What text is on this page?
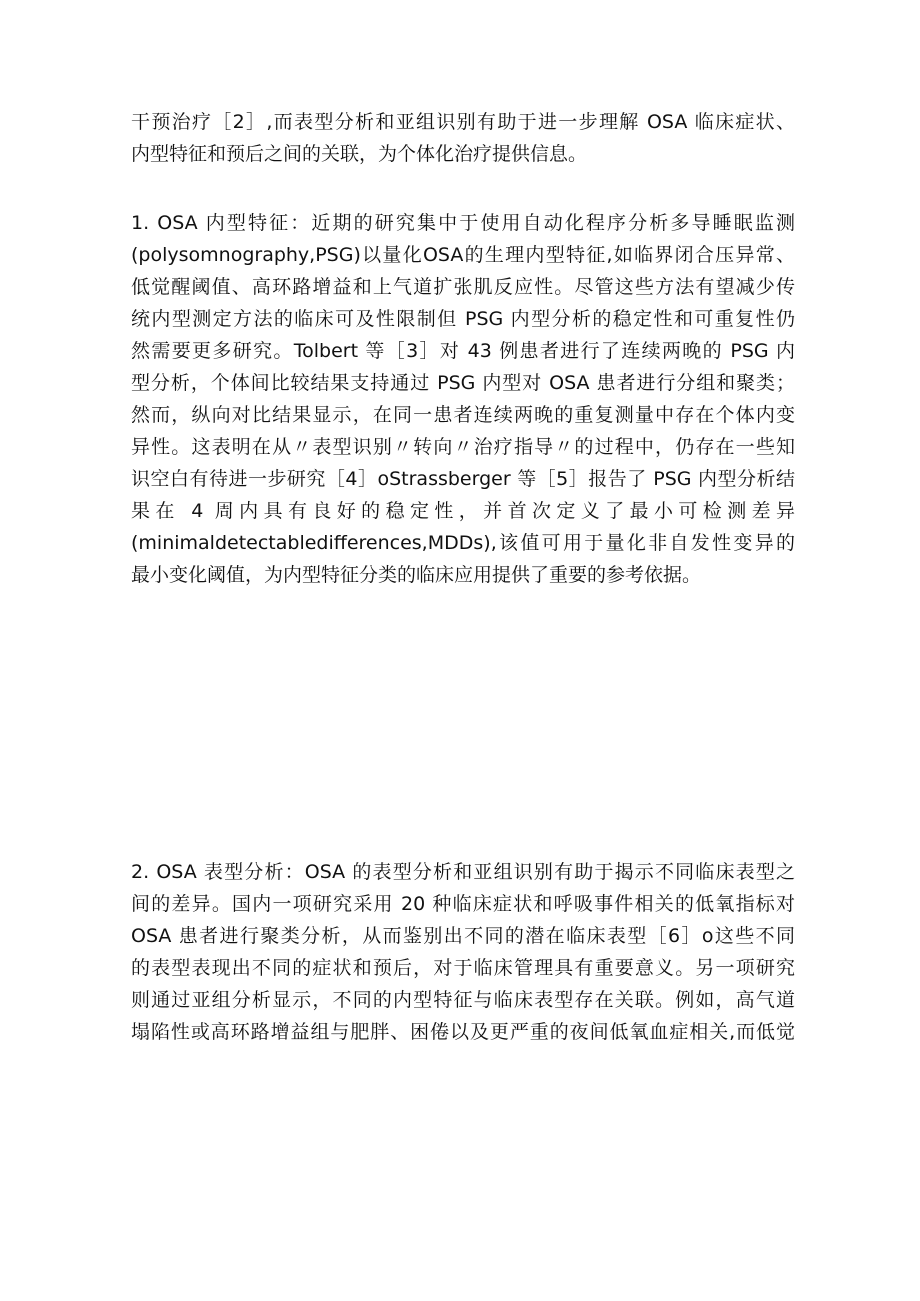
干预治疗［2］,而表型分析和亚组识别有助于进一步理解 OSA 临床症状、
内型特征和预后之间的关联，为个体化治疗提供信息。
1. OSA 内型特征：近期的研究集中于使用自动化程序分析多导睡眠监测
(polysomnography,PSG)以量化OSA的生理内型特征,如临界闭合压异常、
低觉醒阈值、高环路增益和上气道扩张肌反应性。尽管这些方法有望减少传
统内型测定方法的临床可及性限制但 PSG 内型分析的稳定性和可重复性仍
然需要更多研究。Tolbert 等［3］对 43 例患者进行了连续两晚的 PSG 内
型分析，个体间比较结果支持通过 PSG 内型对 OSA 患者进行分组和聚类；
然而，纵向对比结果显示，在同一患者连续两晚的重复测量中存在个体内变
异性。这表明在从〃表型识别〃转向〃治疗指导〃的过程中，仍存在一些知
识空白有待进一步研究［4］oStrassberger 等［5］报告了 PSG 内型分析结
果在 4 周内具有良好的稳定性，并首次定义了最小可检测差异
(minimaldetectabledifferences,MDDs),该值可用于量化非自发性变异的
最小变化阈值，为内型特征分类的临床应用提供了重要的参考依据。
2. OSA 表型分析：OSA 的表型分析和亚组识别有助于揭示不同临床表型之
间的差异。国内一项研究采用 20 种临床症状和呼吸事件相关的低氧指标对
OSA 患者进行聚类分析，从而鉴别出不同的潜在临床表型［6］o这些不同
的表型表现出不同的症状和预后，对于临床管理具有重要意义。另一项研究
则通过亚组分析显示，不同的内型特征与临床表型存在关联。例如，高气道
塌陷性或高环路增益组与肥胖、困倦以及更严重的夜间低氧血症相关,而低觉
